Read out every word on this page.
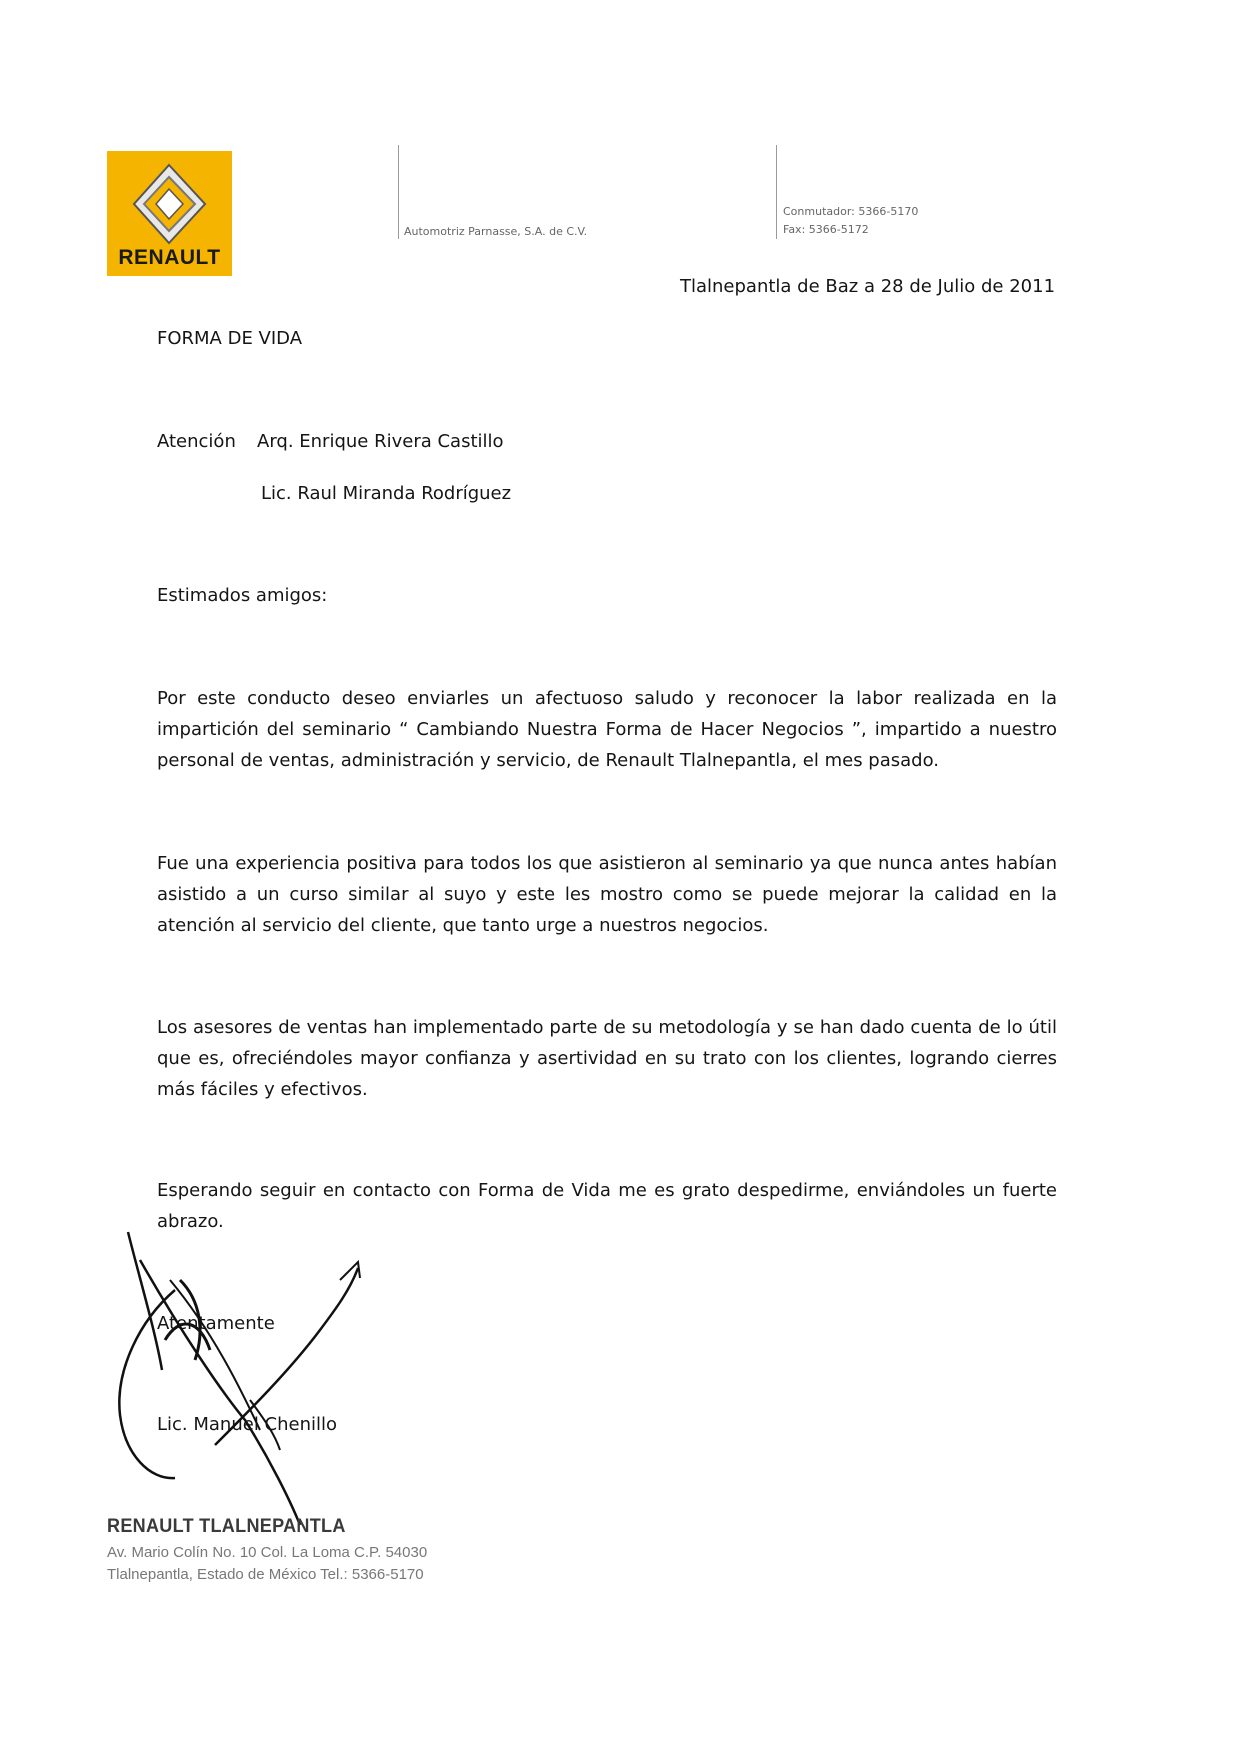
RENAULT
Automotriz Parnasse, S.A. de C.V.
Conmutador: 5366-5170
Fax: 5366-5172
Tlalnepantla de Baz a 28 de Julio de 2011
FORMA DE VIDA
Atención Arq. Enrique Rivera Castillo
Lic. Raul Miranda Rodríguez
Estimados amigos:
Por este conducto deseo enviarles un afectuoso saludo y reconocer la labor realizada en la impartición del seminario “ Cambiando Nuestra Forma de Hacer Negocios ”, impartido a nuestro personal de ventas, administración y servicio, de Renault Tlalnepantla, el mes pasado.
Fue una experiencia positiva para todos los que asistieron al seminario ya que nunca antes habían asistido a un curso similar al suyo y este les mostro como se puede mejorar la calidad en la atención al servicio del cliente, que tanto urge a nuestros negocios.
Los asesores de ventas han implementado parte de su metodología y se han dado cuenta de lo útil que es, ofreciéndoles mayor confianza y asertividad en su trato con los clientes, logrando cierres más fáciles y efectivos.
Esperando seguir en contacto con Forma de Vida me es grato despedirme, enviándoles un fuerte abrazo.
Atentamente
Lic. Manuel Chenillo
RENAULT TLALNEPANTLA
Av. Mario Colín No. 10 Col. La Loma C.P. 54030
Tlalnepantla, Estado de México Tel.: 5366-5170
